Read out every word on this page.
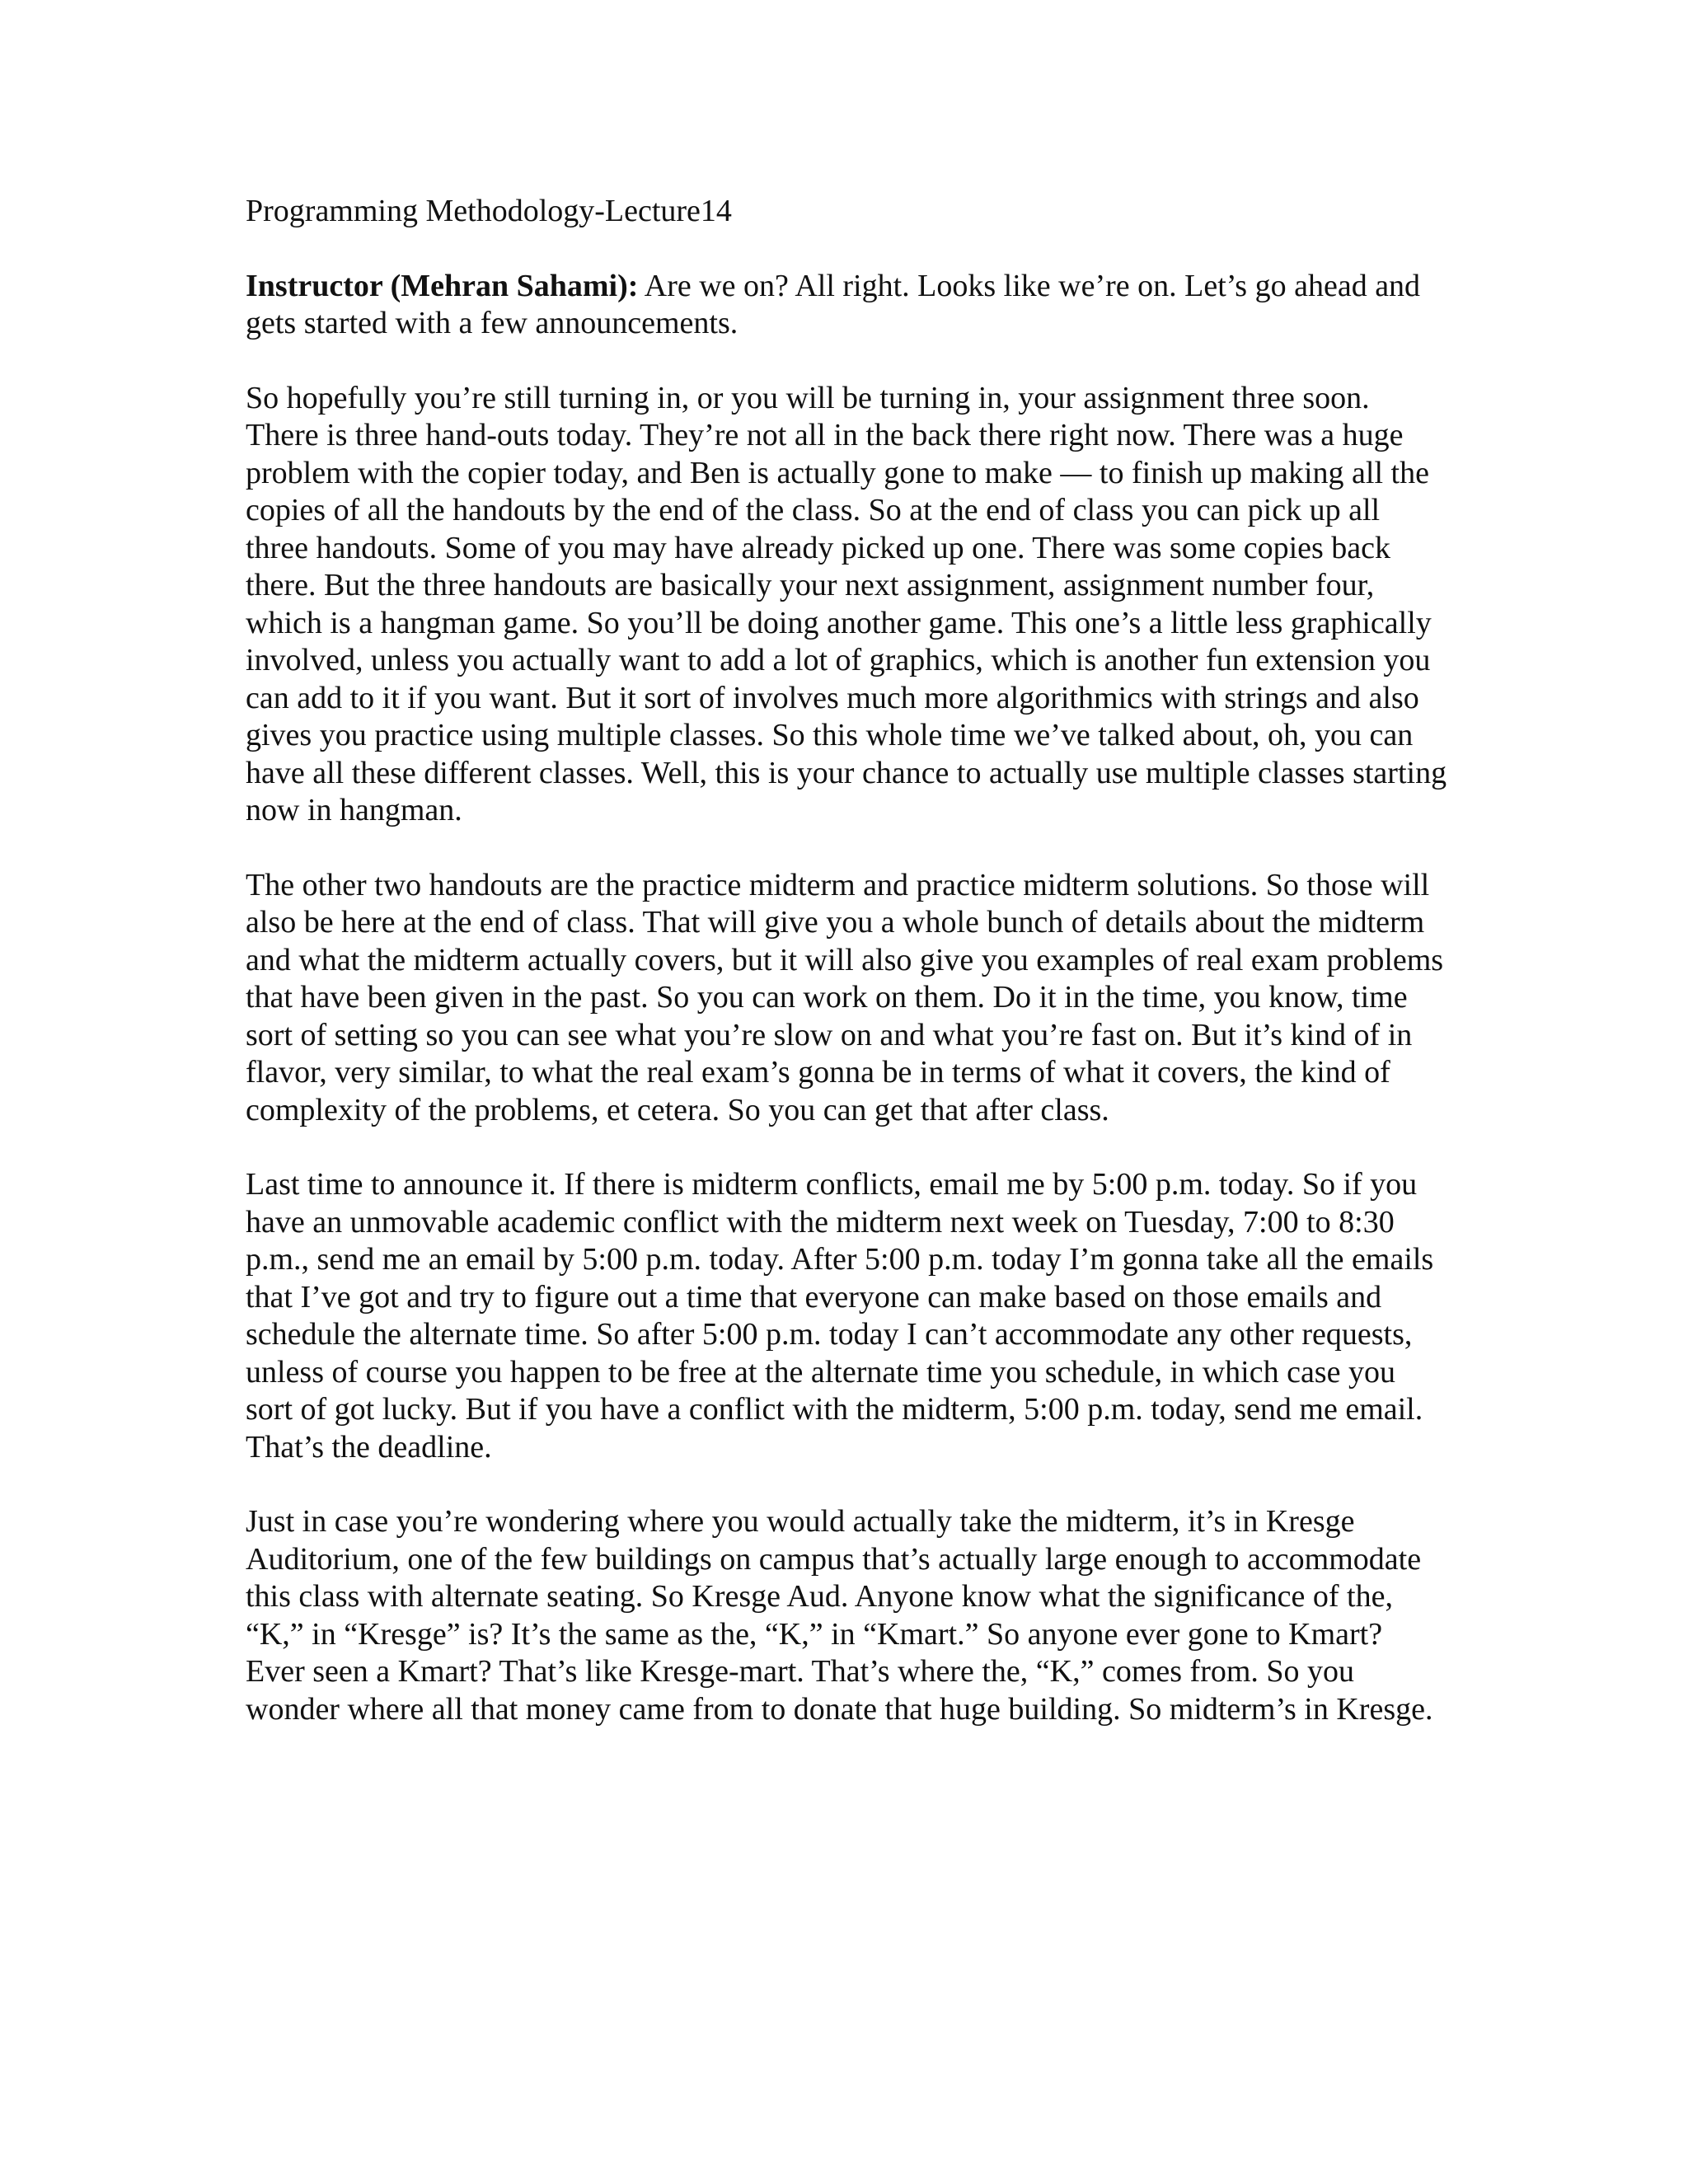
Programming Methodology-Lecture14

Instructor (Mehran Sahami): Are we on? All right. Looks like we’re on. Let’s go ahead and gets started with a few announcements.

So hopefully you’re still turning in, or you will be turning in, your assignment three soon. There is three hand-outs today. They’re not all in the back there right now. There was a huge problem with the copier today, and Ben is actually gone to make — to finish up making all the copies of all the handouts by the end of the class. So at the end of class you can pick up all three handouts. Some of you may have already picked up one. There was some copies back there. But the three handouts are basically your next assignment, assignment number four, which is a hangman game. So you’ll be doing another game. This one’s a little less graphically involved, unless you actually want to add a lot of graphics, which is another fun extension you can add to it if you want. But it sort of involves much more algorithmics with strings and also gives you practice using multiple classes. So this whole time we’ve talked about, oh, you can have all these different classes. Well, this is your chance to actually use multiple classes starting now in hangman.

The other two handouts are the practice midterm and practice midterm solutions. So those will also be here at the end of class. That will give you a whole bunch of details about the midterm and what the midterm actually covers, but it will also give you examples of real exam problems that have been given in the past. So you can work on them. Do it in the time, you know, time sort of setting so you can see what you’re slow on and what you’re fast on. But it’s kind of in flavor, very similar, to what the real exam’s gonna be in terms of what it covers, the kind of complexity of the problems, et cetera. So you can get that after class.

Last time to announce it. If there is midterm conflicts, email me by 5:00 p.m. today. So if you have an unmovable academic conflict with the midterm next week on Tuesday, 7:00 to 8:30 p.m., send me an email by 5:00 p.m. today. After 5:00 p.m. today I’m gonna take all the emails that I’ve got and try to figure out a time that everyone can make based on those emails and schedule the alternate time. So after 5:00 p.m. today I can’t accommodate any other requests, unless of course you happen to be free at the alternate time you schedule, in which case you sort of got lucky. But if you have a conflict with the midterm, 5:00 p.m. today, send me email. That’s the deadline.

Just in case you’re wondering where you would actually take the midterm, it’s in Kresge Auditorium, one of the few buildings on campus that’s actually large enough to accommodate this class with alternate seating. So Kresge Aud. Anyone know what the significance of the, “K,” in “Kresge” is? It’s the same as the, “K,” in “Kmart.” So anyone ever gone to Kmart? Ever seen a Kmart? That’s like Kresge-mart. That’s where the, “K,” comes from. So you wonder where all that money came from to donate that huge building. So midterm’s in Kresge.
